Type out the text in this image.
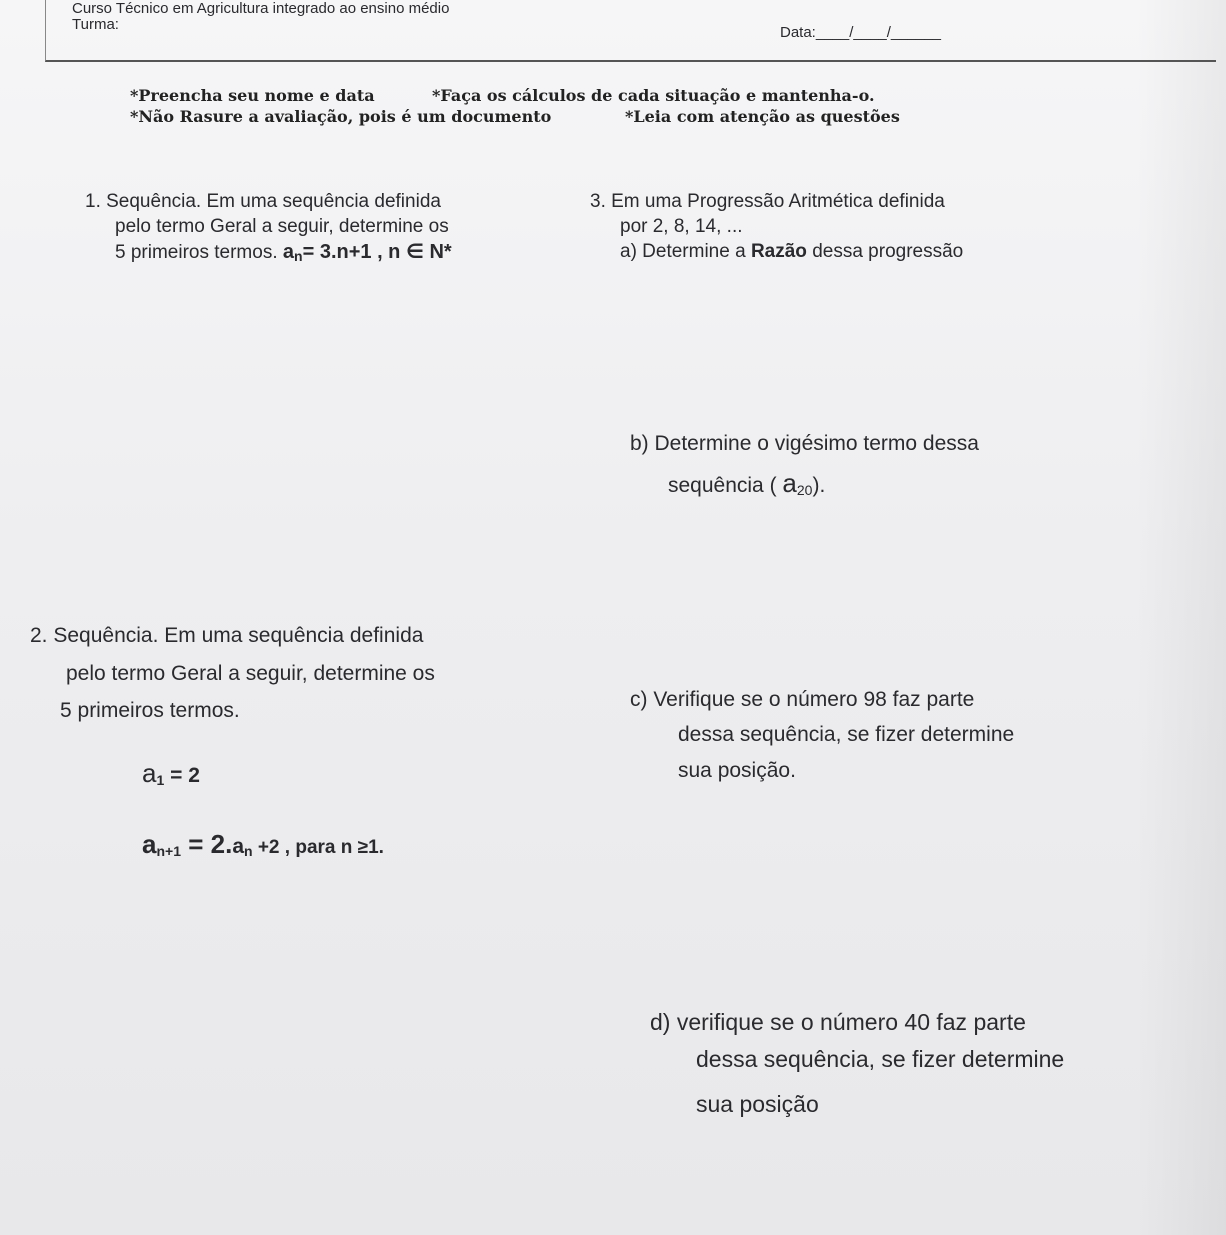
Curso Técnico em Agricultura integrado ao ensino médio
Turma:	Data:____/____/______
*Preencha seu nome e data	*Faça os cálculos de cada situação e mantenha-o.
*Não Rasure a avaliação, pois é um documento	*Leia com atenção as questões
1. Sequência. Em uma sequência definida
pelo termo Geral a seguir, determine os
5 primeiros termos. $a_n= 3.n+1$ , n ∈ N*
3. Em uma Progressão Aritmética definida
por 2, 8, 14, ...
a) Determine a Razão dessa progressão
b) Determine o vigésimo termo dessa
sequência ( $a_{20}$).
2. Sequência. Em uma sequência definida
pelo termo Geral a seguir, determine os
5 primeiros termos.	c) Verifique se o número 98 faz parte
dessa sequência, se fizer determine
sua posição.
$a_1 = 2$
$a_{n+1} = 2.a_n +2$ , para n ≥1.
d) verifique se o número 40 faz parte
dessa sequência, se fizer determine
sua posição
